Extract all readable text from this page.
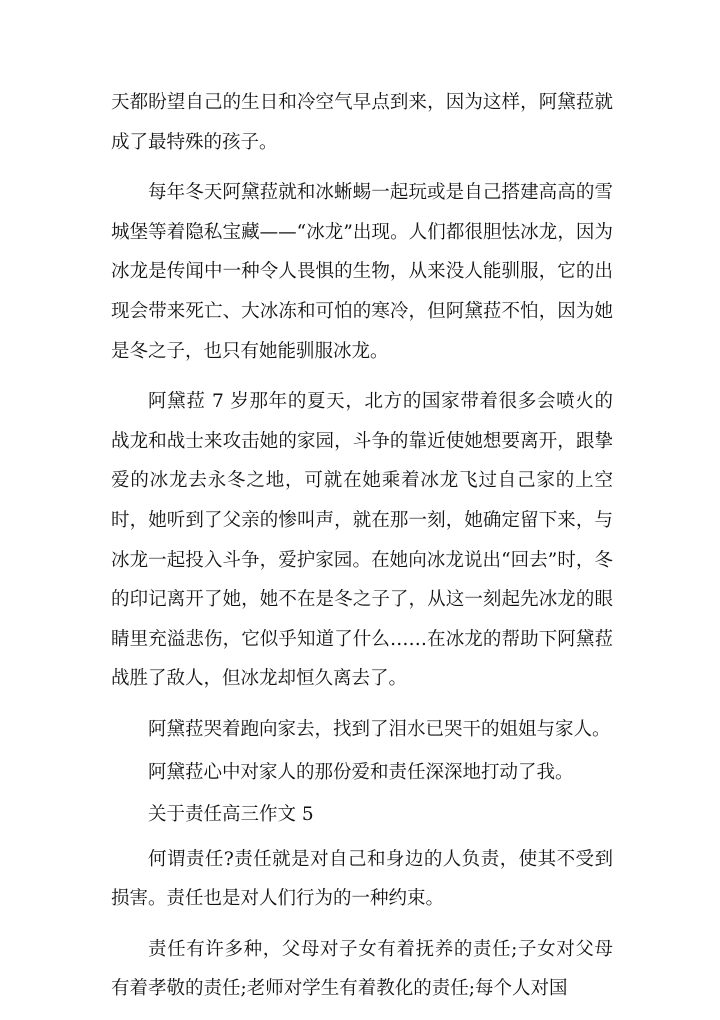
天都盼望自己的生日和冷空气早点到来，因为这样，阿黛菈就成了最特殊的孩子。

每年冬天阿黛菈就和冰蜥蜴一起玩或是自己搭建高高的雪城堡等着隐私宝藏——“冰龙”出现。人们都很胆怯冰龙，因为冰龙是传闻中一种令人畏惧的生物，从来没人能驯服，它的出现会带来死亡、大冰冻和可怕的寒冷，但阿黛菈不怕，因为她是冬之子，也只有她能驯服冰龙。

阿黛菈 7 岁那年的夏天，北方的国家带着很多会喷火的战龙和战士来攻击她的家园，斗争的靠近使她想要离开，跟挚爱的冰龙去永冬之地，可就在她乘着冰龙飞过自己家的上空时，她听到了父亲的惨叫声，就在那一刻，她确定留下来，与冰龙一起投入斗争，爱护家园。在她向冰龙说出“回去”时，冬的印记离开了她，她不在是冬之子了，从这一刻起先冰龙的眼睛里充溢悲伤，它似乎知道了什么……在冰龙的帮助下阿黛菈战胜了敌人，但冰龙却恒久离去了。

阿黛菈哭着跑向家去，找到了泪水已哭干的姐姐与家人。

阿黛菈心中对家人的那份爱和责任深深地打动了我。

关于责任高三作文 5

何谓责任?责任就是对自己和身边的人负责，使其不受到损害。责任也是对人们行为的一种约束。

责任有许多种，父母对子女有着抚养的责任;子女对父母有着孝敬的责任;老师对学生有着教化的责任;每个人对国
